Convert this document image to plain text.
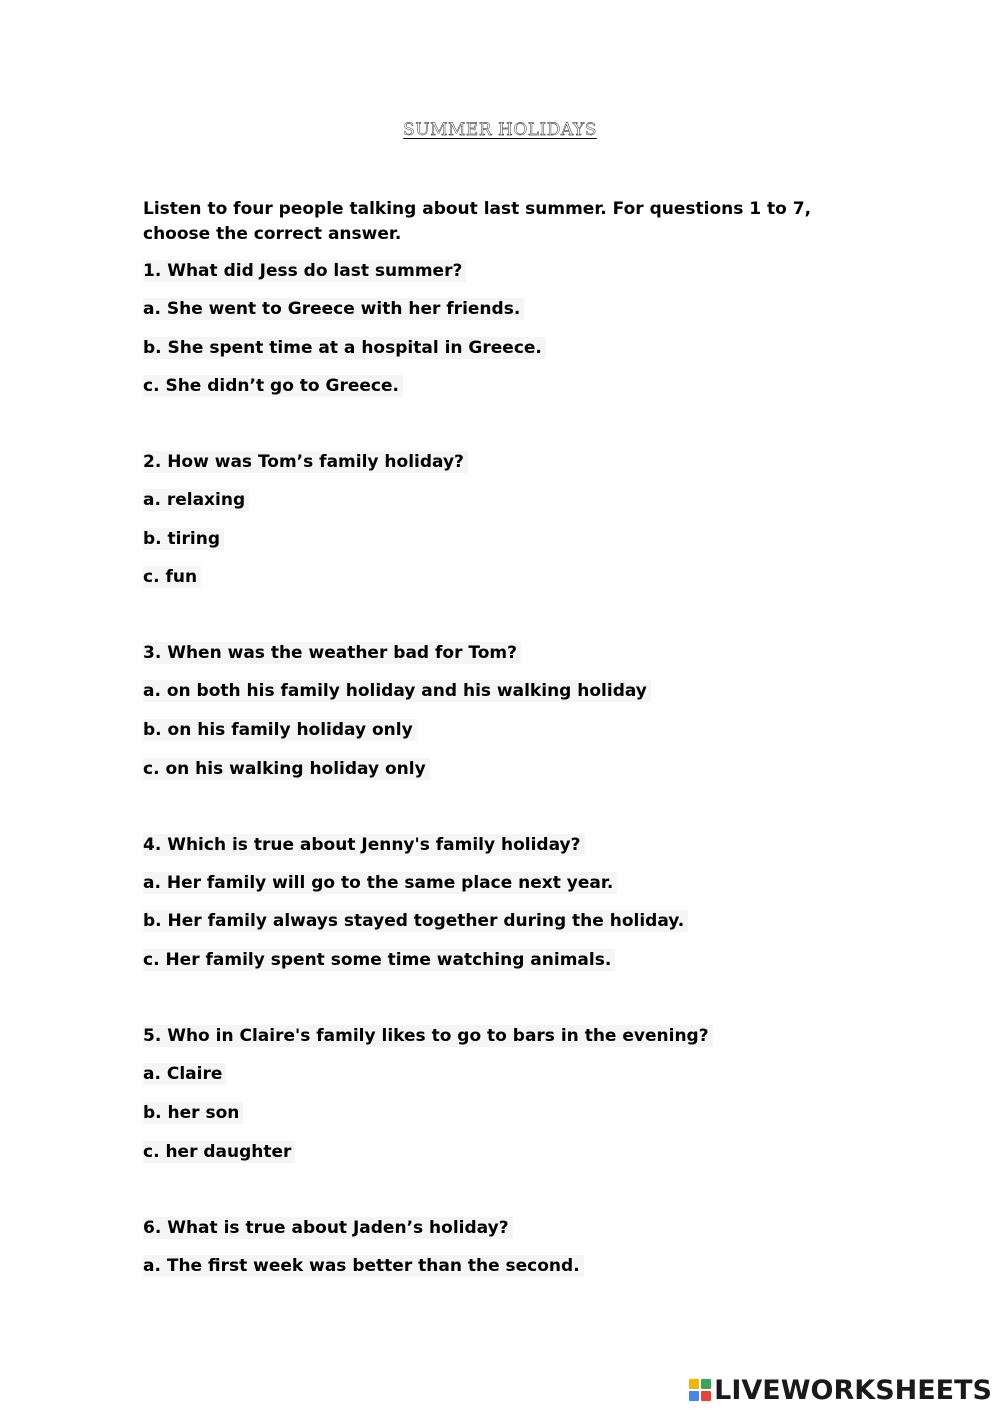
SUMMER HOLIDAYS
Listen to four people talking about last summer. For questions 1 to 7, choose the correct answer.
1. What did Jess do last summer?
a. She went to Greece with her friends.
b. She spent time at a hospital in Greece.
c. She didn’t go to Greece.
2. How was Tom’s family holiday?
a. relaxing
b. tiring
c. fun
3. When was the weather bad for Tom?
a. on both his family holiday and his walking holiday
b. on his family holiday only
c. on his walking holiday only
4. Which is true about Jenny's family holiday?
a. Her family will go to the same place next year.
b. Her family always stayed together during the holiday.
c. Her family spent some time watching animals.
5. Who in Claire's family likes to go to bars in the evening?
a. Claire
b. her son
c. her daughter
6. What is true about Jaden’s holiday?
a. The first week was better than the second.
LIVEWORKSHEETS
